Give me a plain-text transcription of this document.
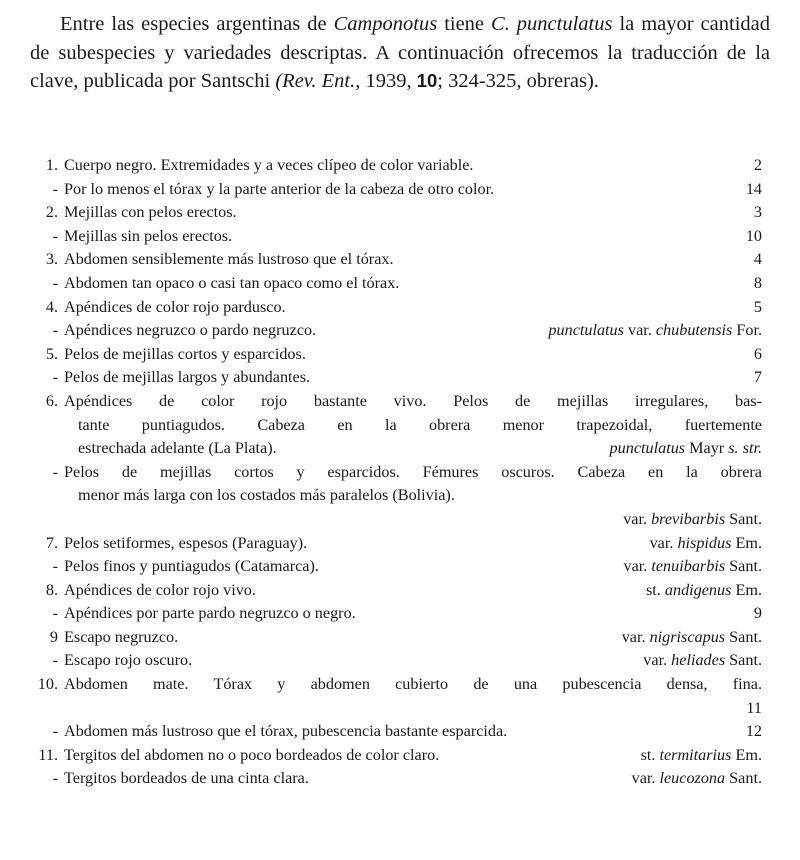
Entre las especies argentinas de Camponotus tiene C. punctulatus la mayor cantidad de subespecies y variedades descriptas. A continuación ofrecemos la traducción de la clave, publicada por Santschi (Rev. Ent., 1939, 10; 324-325, obreras).

1. Cuerpo negro. Extremidades y a veces clípeo de color variable.	2
- Por lo menos el tórax y la parte anterior de la cabeza de otro color.	14
2. Mejillas con pelos erectos.	3
- Mejillas sin pelos erectos.	10
3. Abdomen sensiblemente más lustroso que el tórax.	4
- Abdomen tan opaco o casi tan opaco como el tórax.	8
4. Apéndices de color rojo pardusco.	5
- Apéndices negruzco o pardo negruzco.	punctulatus var. chubutensis For.
5. Pelos de mejillas cortos y esparcidos.	6
- Pelos de mejillas largos y abundantes.	7
6. Apéndices de color rojo bastante vivo. Pelos de mejillas irregulares, bas-
tante puntiagudos. Cabeza en la obrera menor trapezoidal, fuertemente
estrechada adelante (La Plata).	punctulatus Mayr s. str.
- Pelos de mejillas cortos y esparcidos. Fémures oscuros. Cabeza en la obrera
menor más larga con los costados más paralelos (Bolivia).
var. brevibarbis Sant.
7. Pelos setiformes, espesos (Paraguay).	var. hispidus Em.
- Pelos finos y puntiagudos (Catamarca).	var. tenuibarbis Sant.
8. Apéndices de color rojo vivo.	st. andigenus Em.
- Apéndices por parte pardo negruzco o negro.	9
9 Escapo negruzco.	var. nigriscapus Sant.
- Escapo rojo oscuro.	var. heliades Sant.
10. Abdomen mate. Tórax y abdomen cubierto de una pubescencia densa, fina.
11
- Abdomen más lustroso que el tórax, pubescencia bastante esparcida.	12
11. Tergitos del abdomen no o poco bordeados de color claro.	st. termitarius Em.
- Tergitos bordeados de una cinta clara.	var. leucozona Sant.
